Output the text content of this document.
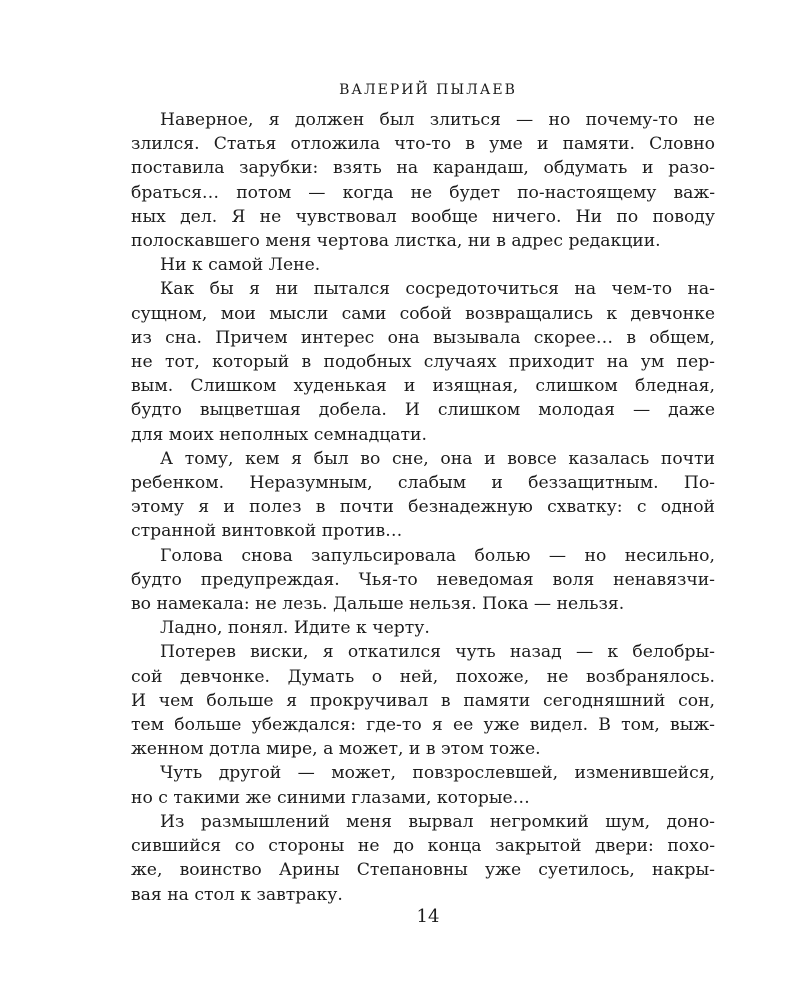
ВАЛЕРИЙ ПЫЛАЕВ
Наверное, я должен был злиться — но почему-то не
злился. Статья отложила что-то в уме и памяти. Словно
поставила зарубки: взять на карандаш, обдумать и разо-
браться… потом — когда не будет по-настоящему важ-
ных дел. Я не чувствовал вообще ничего. Ни по поводу
полоскавшего меня чертова листка, ни в адрес редакции.
Ни к самой Лене.
Как бы я ни пытался сосредоточиться на чем-то на-
сущном, мои мысли сами собой возвращались к девчонке
из сна. Причем интерес она вызывала скорее… в общем,
не тот, который в подобных случаях приходит на ум пер-
вым. Слишком худенькая и изящная, слишком бледная,
будто выцветшая добела. И слишком молодая — даже
для моих неполных семнадцати.
А тому, кем я был во сне, она и вовсе казалась почти
ребенком. Неразумным, слабым и беззащитным. По-
этому я и полез в почти безнадежную схватку: с одной
странной винтовкой против…
Голова снова запульсировала болью — но несильно,
будто предупреждая. Чья-то неведомая воля ненавязчи-
во намекала: не лезь. Дальше нельзя. Пока — нельзя.
Ладно, понял. Идите к черту.
Потерев виски, я откатился чуть назад — к белобры-
сой девчонке. Думать о ней, похоже, не возбранялось.
И чем больше я прокручивал в памяти сегодняшний сон,
тем больше убеждался: где-то я ее уже видел. В том, выж-
женном дотла мире, а может, и в этом тоже.
Чуть другой — может, повзрослевшей, изменившейся,
но с такими же синими глазами, которые…
Из размышлений меня вырвал негромкий шум, доно-
сившийся со стороны не до конца закрытой двери: похо-
же, воинство Арины Степановны уже суетилось, накры-
вая на стол к завтраку.
14
